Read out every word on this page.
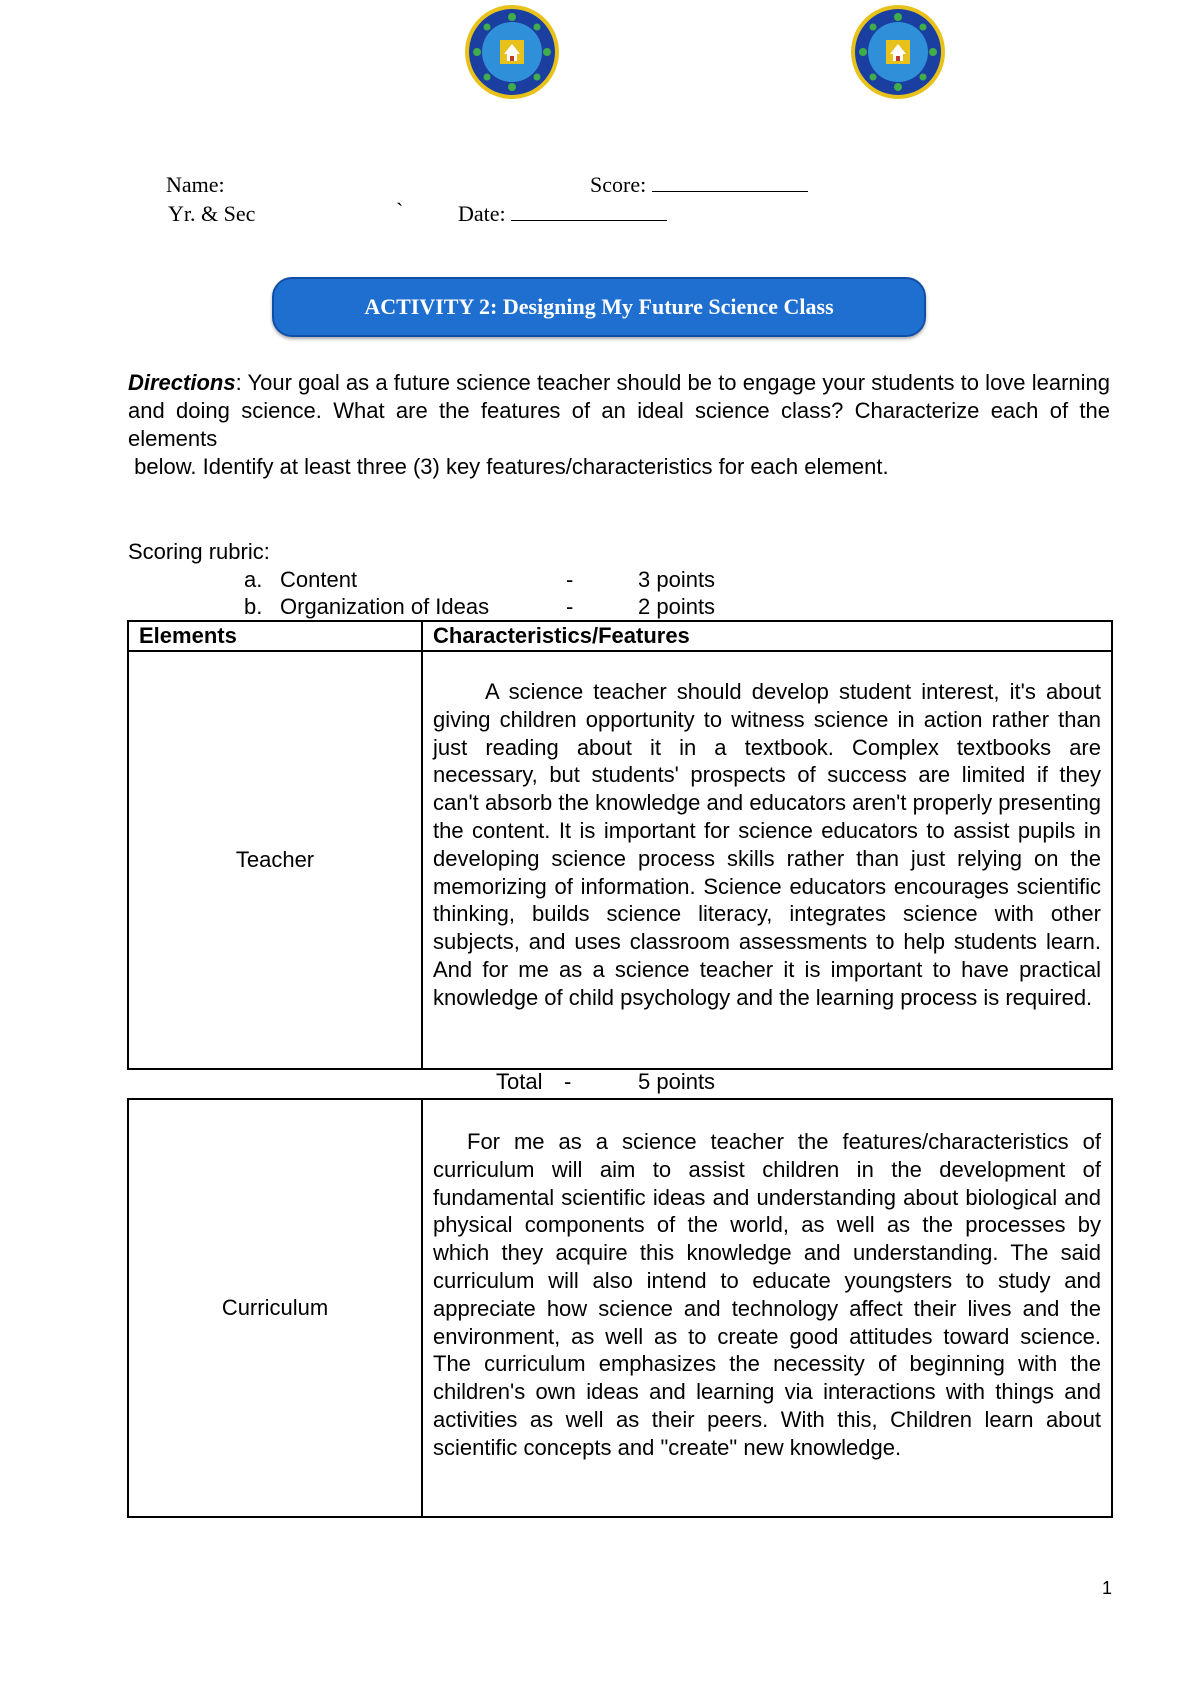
Name:	Score:
Yr. & Sec	` Date:
ACTIVITY 2: Designing My Future Science Class

Directions: Your goal as a future science teacher should be to engage your students to love learning and doing science. What are the features of an ideal science class? Characterize each of the elements

below. Identify at least three (3) key features/characteristics for each element.

Scoring rubric:
a. Content	-	3 points
b. Organization of Ideas	-	2 points
Elements	Characteristics/Features
Teacher	A science teacher should develop student interest, it's about giving children opportunity to witness science in action rather than just reading about it in a textbook. Complex textbooks are necessary, but students' prospects of success are limited if they can't absorb the knowledge and educators aren't properly presenting the content. It is important for science educators to assist pupils in developing science process skills rather than just relying on the memorizing of information. Science educators encourages scientific thinking, builds science literacy, integrates science with other subjects, and uses classroom assessments to help students learn. And for me as a science teacher it is important to have practical knowledge of child psychology and the learning process is required.
Total -	5 points
Curriculum	For me as a science teacher the features/characteristics of curriculum will aim to assist children in the development of fundamental scientific ideas and understanding about biological and physical components of the world, as well as the processes by which they acquire this knowledge and understanding. The said curriculum will also intend to educate youngsters to study and appreciate how science and technology affect their lives and the environment, as well as to create good attitudes toward science. The curriculum emphasizes the necessity of beginning with the children's own ideas and learning via interactions with things and activities as well as their peers. With this, Children learn about scientific concepts and "create" new knowledge.
1
